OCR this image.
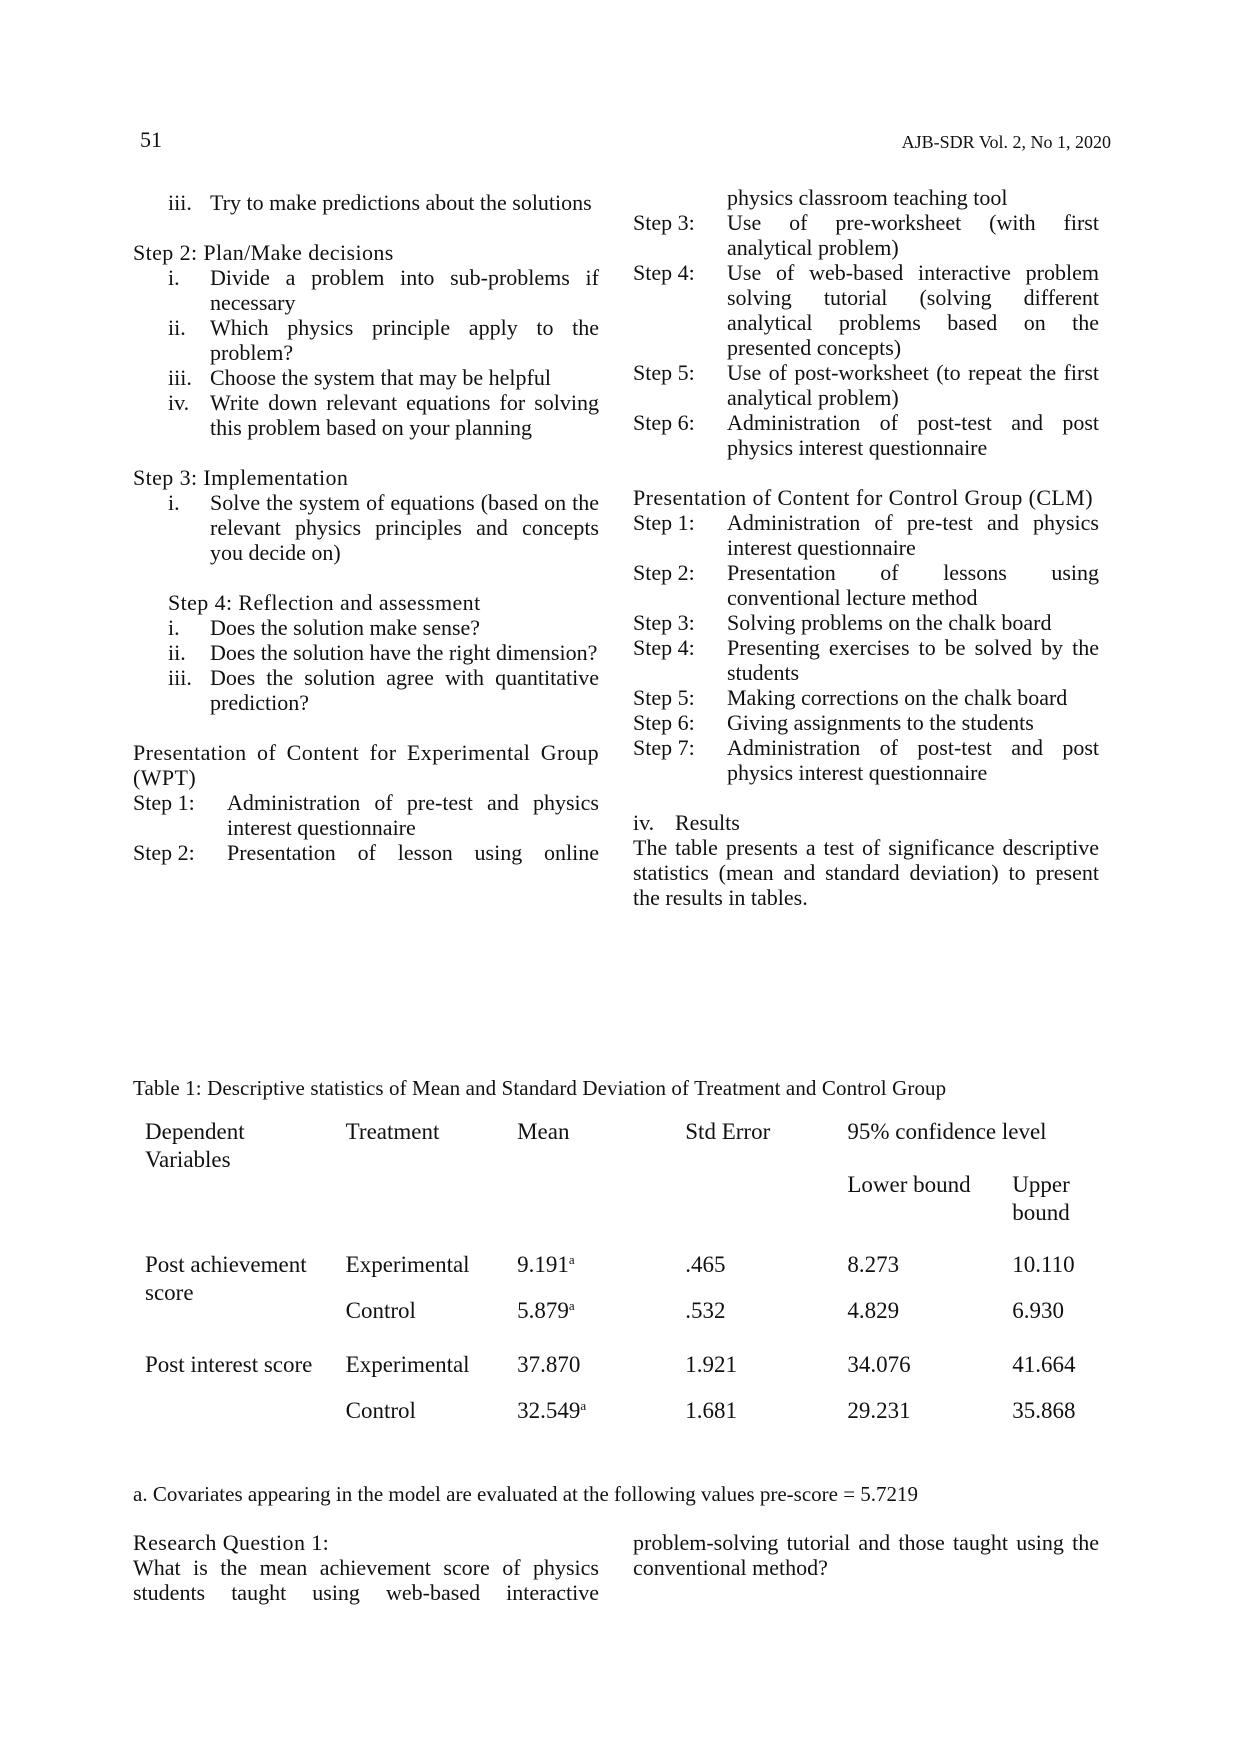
51	AJB-SDR Vol. 2, No 1, 2020
iii. Try to make predictions about the solutions
Step 2: Plan/Make decisions
i.	Divide a problem into sub-problems if necessary
ii.	Which physics principle apply to the problem?
iii. Choose the system that may be helpful
iv. Write down relevant equations for solving this problem based on your planning
Step 3: Implementation
i.	Solve the system of equations (based on the relevant physics principles and concepts you decide on)
Step 4: Reflection and assessment
i.	Does the solution make sense?
ii.	Does the solution have the right dimension?
iii. Does the solution agree with quantitative prediction?
Presentation of Content for Experimental Group (WPT)
Step 1:	Administration of pre-test and physics interest questionnaire
Step 2:	Presentation of lesson using online
physics classroom teaching tool
Step 3:	Use of pre-worksheet (with first analytical problem)
Step 4:	Use of web-based interactive problem solving tutorial (solving different analytical problems based on the presented concepts)
Step 5:	Use of post-worksheet (to repeat the first analytical problem)
Step 6:	Administration of post-test and post physics interest questionnaire
Presentation of Content for Control Group (CLM)
Step 1:	Administration of pre-test and physics interest questionnaire
Step 2:	Presentation of lessons using conventional lecture method
Step 3:	Solving problems on the chalk board
Step 4:	Presenting exercises to be solved by the students
Step 5:	Making corrections on the chalk board
Step 6:	Giving assignments to the students
Step 7:	Administration of post-test and post physics interest questionnaire
iv. Results
The table presents a test of significance descriptive statistics (mean and standard deviation) to present the results in tables.
Table 1: Descriptive statistics of Mean and Standard Deviation of Treatment and Control Group
Dependent Variables	Treatment	Mean	Std Error	95% confidence level	
				Lower bound	Upper bound

Post achievement score	Experimental	9.191$^a$	.465	8.273	10.110
	Control	5.879$^a$	.532	4.829	6.930

Post interest score	Experimental	37.870	1.921	34.076	41.664
	Control	32.549$^a$	1.681	29.231	35.868
a. Covariates appearing in the model are evaluated at the following values pre-score = 5.7219
Research Question 1:
What is the mean achievement score of physics students taught using web-based interactive
problem-solving tutorial and those taught using the conventional method?
